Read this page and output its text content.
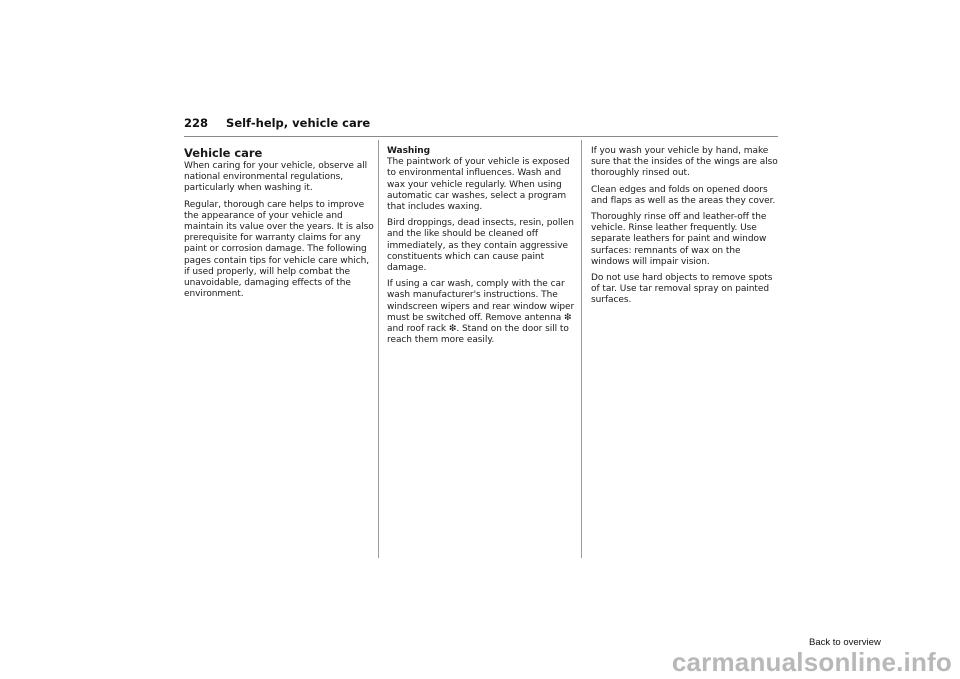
228 Self-help, vehicle care
Vehicle care

When caring for your vehicle, observe all national environmental regulations, particularly when washing it.

Regular, thorough care helps to improve the appearance of your vehicle and maintain its value over the years. It is also prerequisite for warranty claims for any paint or corrosion damage. The following pages contain tips for vehicle care which, if used properly, will help combat the unavoidable, damaging effects of the environment.

Washing

The paintwork of your vehicle is exposed to environmental influences. Wash and wax your vehicle regularly. When using automatic car washes, select a program that includes waxing.

Bird droppings, dead insects, resin, pollen and the like should be cleaned off immediately, as they contain aggressive constituents which can cause paint damage.

If using a car wash, comply with the car wash manufacturer's instructions. The windscreen wipers and rear window wiper must be switched off. Remove antenna ❇ and roof rack ❇. Stand on the door sill to reach them more easily.

If you wash your vehicle by hand, make sure that the insides of the wings are also thoroughly rinsed out.

Clean edges and folds on opened doors and flaps as well as the areas they cover.

Thoroughly rinse off and leather-off the vehicle. Rinse leather frequently. Use separate leathers for paint and window surfaces: remnants of wax on the windows will impair vision.

Do not use hard objects to remove spots of tar. Use tar removal spray on painted surfaces.

Back to overview
carmanualsonline.info
